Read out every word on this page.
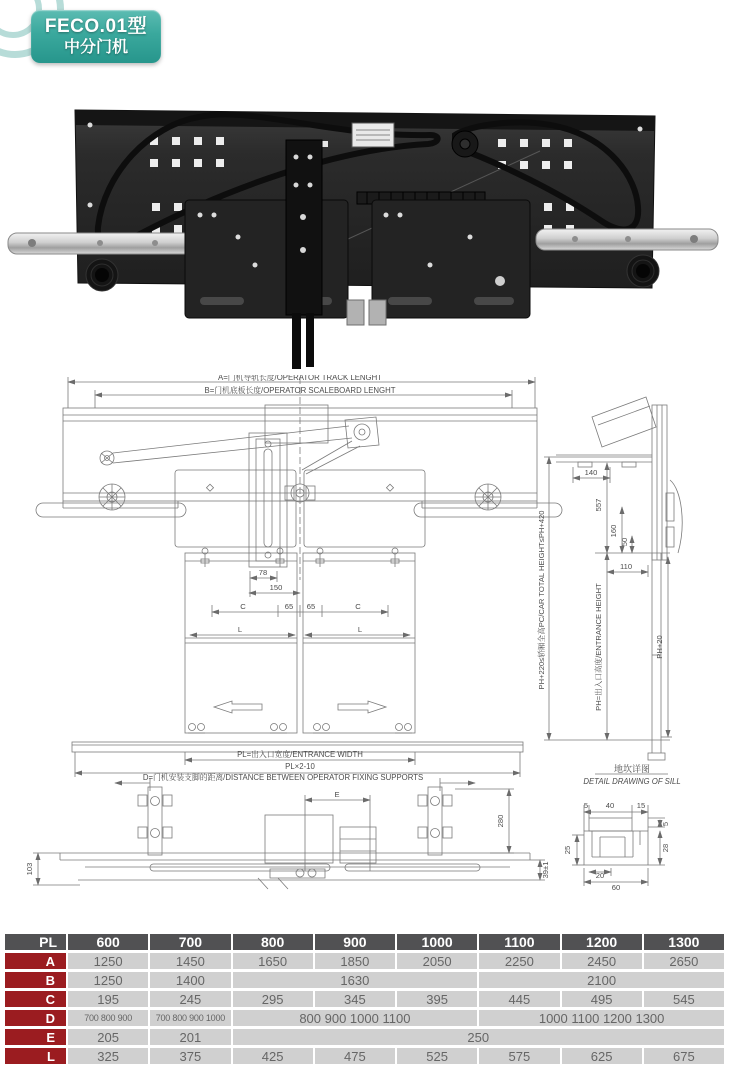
FECO.01型
中分门机
A=门机导轨长度/OPERATOR TRACK LENGHT
B=门机底板长度/OPERATOR SCALEBOARD LENGHT
78
150
C	65 65	C
L	L
PL=出入口宽度/ENTRANCE WIDTH
PL×2-10
140
557
160
50
110
PH+220≤轿厢全高PC/CAR TOTAL HEIGHT≤PH+420	PH=出入口高度/ENTRANCE HEIGHT	PH+20
D=门机安装支脚的距离/DISTANCE BETWEEN OPERATOR FIXING SUPPORTS
E
280
103	39±1
地坎详图
DETAIL DRAWING OF SILL
5 40	15
5
25	28
20
60
PL	600	700	800	900	1000	1100	1200	1300
A	1250	1450	1650	1850	2050	2250	2450	2650
B	1250	1400	1630			2100		
C	195	245	295	345	395	445	495	545
D	700 800 900	700 800 900 1000	800 900 1000 1100			1000 1100 1200 1300		
E	205	201	250					
L	325	375	425	475	525	575	625	675
